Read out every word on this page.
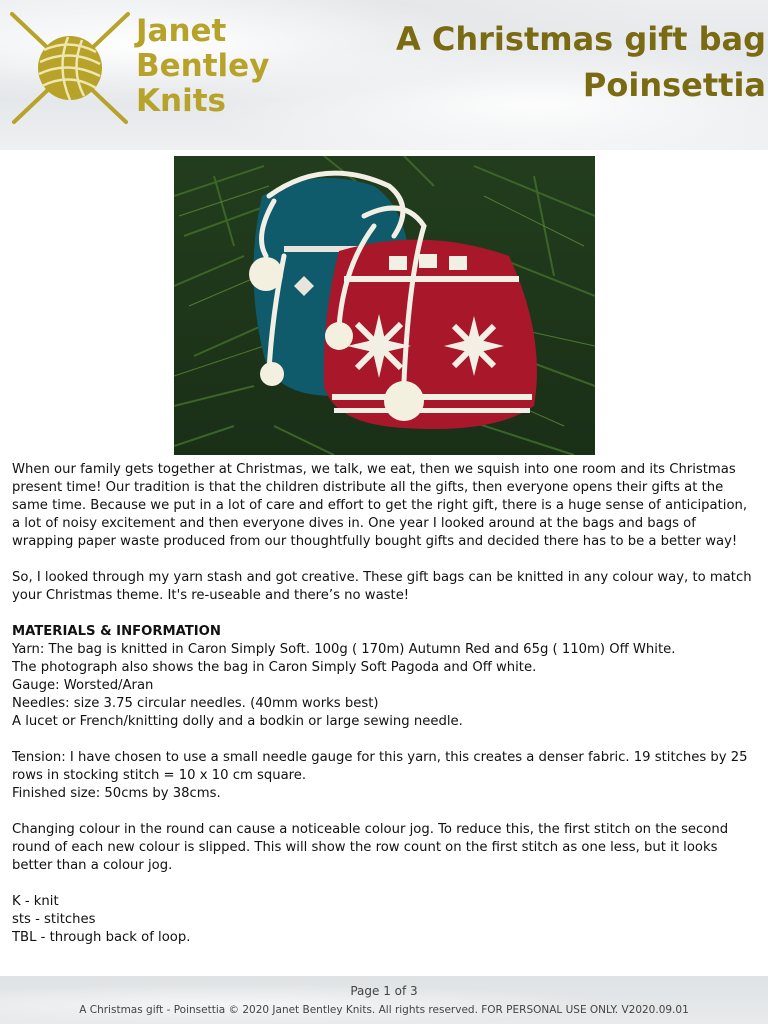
Janet
Bentley
Knits
A Christmas gift bag
Poinsettia

When our family gets together at Christmas, we talk, we eat, then we squish into one room and its Christmas present time! Our tradition is that the children distribute all the gifts, then everyone opens their gifts at the same time. Because we put in a lot of care and effort to get the right gift, there is a huge sense of anticipation, a lot of noisy excitement and then everyone dives in. One year I looked around at the bags and bags of wrapping paper waste produced from our thoughtfully bought gifts and decided there has to be a better way!

So, I looked through my yarn stash and got creative. These gift bags can be knitted in any colour way, to match your Christmas theme. It's re-useable and there’s no waste!

MATERIALS & INFORMATION
Yarn: The bag is knitted in Caron Simply Soft. 100g ( 170m) Autumn Red and 65g ( 110m) Off White.
The photograph also shows the bag in Caron Simply Soft Pagoda and Off white.
Gauge: Worsted/Aran
Needles: size 3.75 circular needles. (40mm works best)
A lucet or French/knitting dolly and a bodkin or large sewing needle.

Tension: I have chosen to use a small needle gauge for this yarn, this creates a denser fabric. 19 stitches by 25 rows in stocking stitch = 10 x 10 cm square.
Finished size: 50cms by 38cms.

Changing colour in the round can cause a noticeable colour jog. To reduce this, the first stitch on the second round of each new colour is slipped. This will show the row count on the first stitch as one less, but it looks better than a colour jog.

K - knit
sts - stitches
TBL - through back of loop.

Page 1 of 3
A Christmas gift - Poinsettia © 2020 Janet Bentley Knits. All rights reserved. FOR PERSONAL USE ONLY. V2020.09.01
